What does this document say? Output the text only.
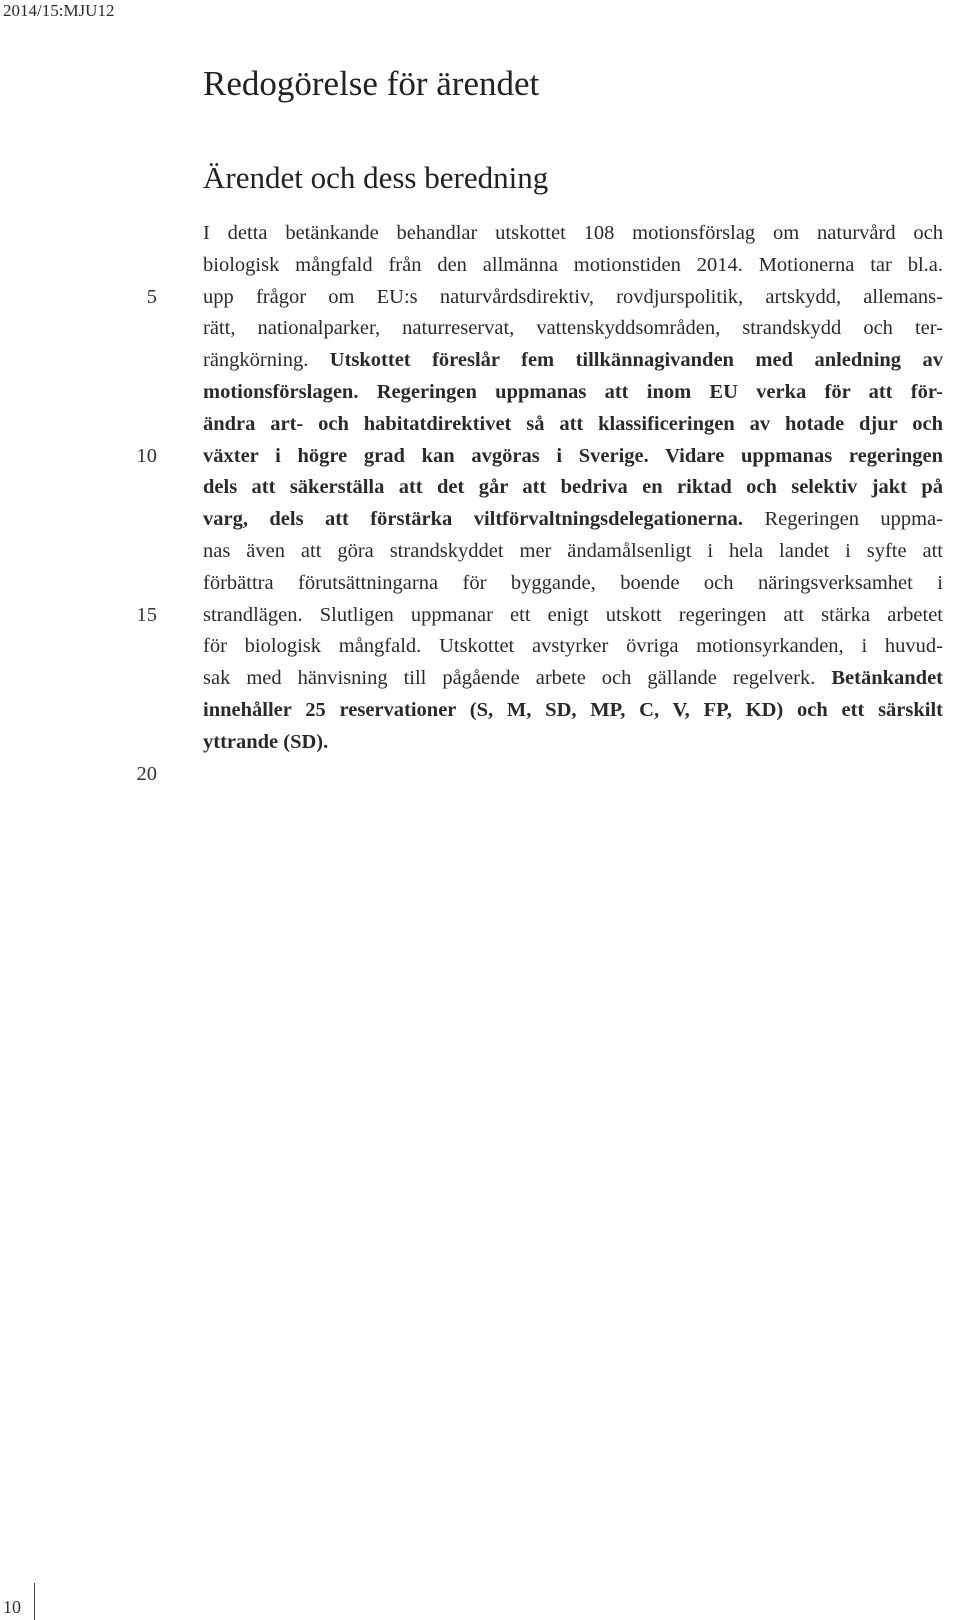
2014/15:MJU12
Redogörelse för ärendet
Ärendet och dess beredning
I detta betänkande behandlar utskottet 108 motionsförslag om naturvård och
biologisk mångfald från den allmänna motionstiden 2014. Motionerna tar bl.a.
upp frågor om EU:s naturvårdsdirektiv, rovdjurspolitik, artskydd, allemans-
rätt, nationalparker, naturreservat, vattenskyddsområden, strandskydd och ter-
rängkörning. Utskottet föreslår fem tillkännagivanden med anledning av
motionsförslagen. Regeringen uppmanas att inom EU verka för att för-
ändra art- och habitatdirektivet så att klassificeringen av hotade djur och
växter i högre grad kan avgöras i Sverige. Vidare uppmanas regeringen
dels att säkerställa att det går att bedriva en riktad och selektiv jakt på
varg, dels att förstärka viltförvaltningsdelegationerna. Regeringen uppma-
nas även att göra strandskyddet mer ändamålsenligt i hela landet i syfte att
förbättra förutsättningarna för byggande, boende och näringsverksamhet i
strandlägen. Slutligen uppmanar ett enigt utskott regeringen att stärka arbetet
för biologisk mångfald. Utskottet avstyrker övriga motionsyrkanden, i huvud-
sak med hänvisning till pågående arbete och gällande regelverk. Betänkandet
innehåller 25 reservationer (S, M, SD, MP, C, V, FP, KD) och ett särskilt
yttrande (SD).
5
10
15
20
10
